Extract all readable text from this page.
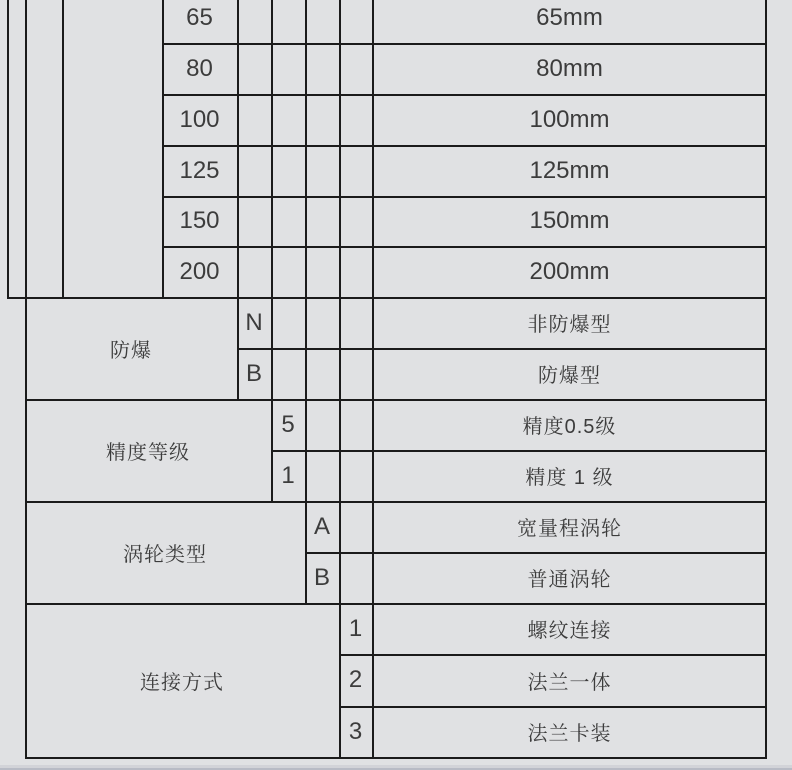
65
80
100
125
150
200
65mm
80mm
100mm
125mm
150mm
200mm
防爆
精度等级
涡轮类型
连接方式
N
B
5
1
A
B
1
2
3
非防爆型
防爆型
精度0.5级
精度 1 级
宽量程涡轮
普通涡轮
螺纹连接
法兰一体
法兰卡装
